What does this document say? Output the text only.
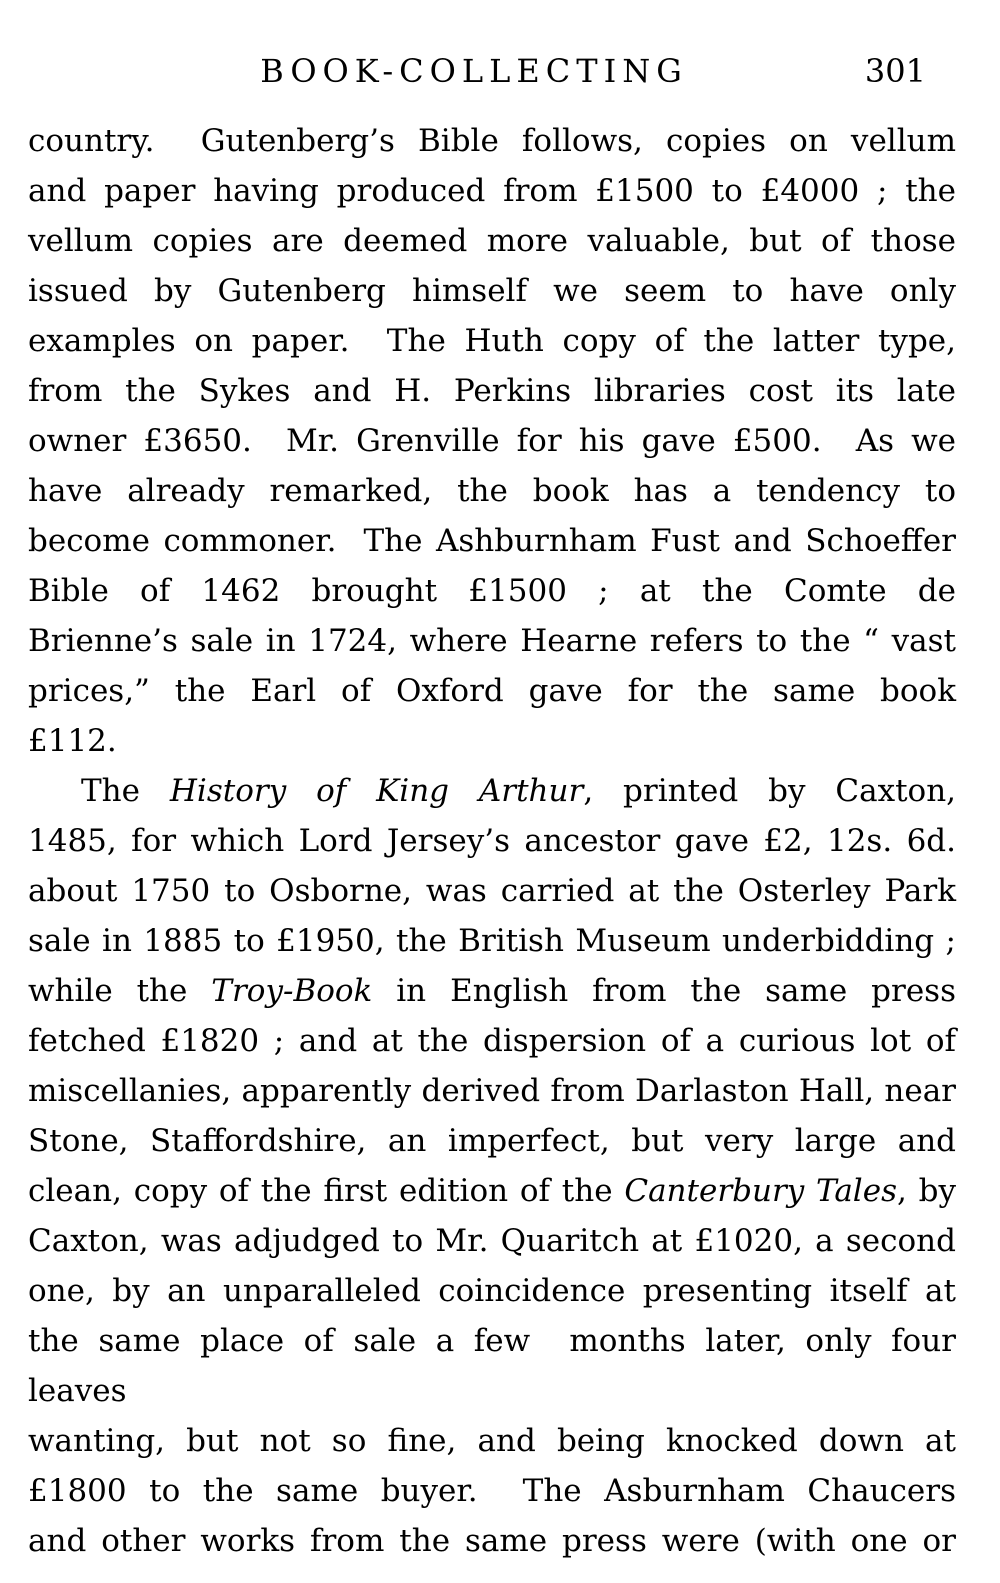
BOOK-COLLECTING	301
country.  Gutenberg’s Bible follows, copies on vellum
and paper having produced from £1500 to £4000 ; the
vellum copies are deemed more valuable, but of those
issued by Gutenberg himself we seem to have only
examples on paper.  The Huth copy of the latter type,
from the Sykes and H. Perkins libraries cost its late
owner £3650.  Mr. Grenville for his gave £500.  As we
have already remarked, the book has a tendency to
become commoner.  The Ashburnham Fust and Schoeffer
Bible of 1462 brought £1500 ; at the Comte de
Brienne’s sale in 1724, where Hearne refers to the “ vast
prices,” the Earl of Oxford gave for the same book
£112.
The History of King Arthur, printed by Caxton,
1485, for which Lord Jersey’s ancestor gave £2, 12s. 6d.
about 1750 to Osborne, was carried at the Osterley Park
sale in 1885 to £1950, the British Museum underbidding ;
while the Troy-Book in English from the same press
fetched £1820 ; and at the dispersion of a curious lot of
miscellanies, apparently derived from Darlaston Hall, near
Stone, Staffordshire, an imperfect, but very large and
clean, copy of the first edition of the Canterbury Tales, by
Caxton, was adjudged to Mr. Quaritch at £1020, a second
one, by an unparalleled coincidence presenting itself at
the same place of sale a few  months later, only four leaves
wanting, but not so fine, and being knocked down at
£1800 to the same buyer.  The Asburnham Chaucers
and other works from the same press were (with one or
